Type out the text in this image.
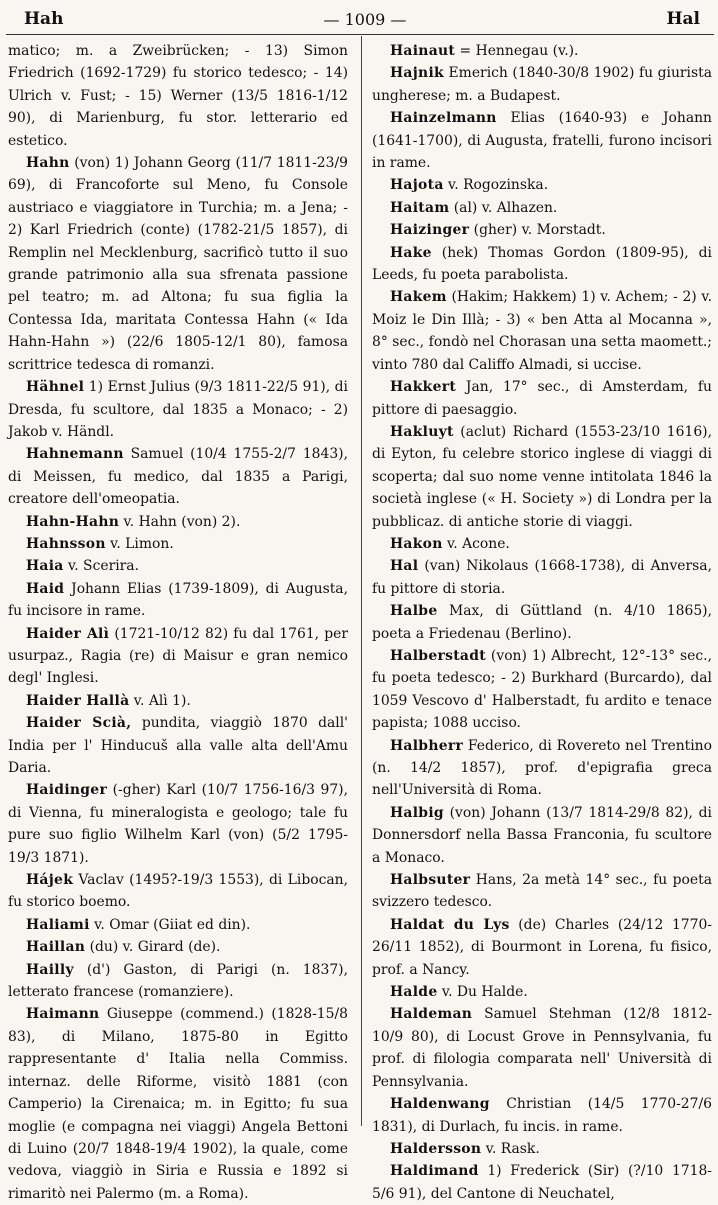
Hah	— 1009 —	Hal

matico; m. a Zweibrücken; - 13) Simon Friedrich (1692-1729) fu storico tedesco; - 14) Ulrich v. Fust; - 15) Werner (13/5 1816-1/12 90), di Marienburg, fu stor. letterario ed estetico.

Hahn (von) 1) Johann Georg (11/7 1811-23/9 69), di Francoforte sul Meno, fu Console austriaco e viaggiatore in Turchia; m. a Jena; - 2) Karl Friedrich (conte) (1782-21/5 1857), di Remplin nel Mecklenburg, sacrificò tutto il suo grande patrimonio alla sua sfrenata passione pel teatro; m. ad Altona; fu sua figlia la Contessa Ida, maritata Contessa Hahn (« Ida Hahn-Hahn ») (22/6 1805-12/1 80), famosa scrittrice tedesca di romanzi.

Hähnel 1) Ernst Julius (9/3 1811-22/5 91), di Dresda, fu scultore, dal 1835 a Monaco; - 2) Jakob v. Händl.

Hahnemann Samuel (10/4 1755-2/7 1843), di Meissen, fu medico, dal 1835 a Parigi, creatore dell'omeopatia.

Hahn-Hahn v. Hahn (von) 2).

Hahnsson v. Limon.

Haia v. Scerira.

Haid Johann Elias (1739-1809), di Augusta, fu incisore in rame.

Haider Alì (1721-10/12 82) fu dal 1761, per usurpaz., Ragia (re) di Maisur e gran nemico degl' Inglesi.

Haider Hallà v. Alì 1).

Haider Scià, pundita, viaggiò 1870 dall' India per l' Hinducuš alla valle alta dell'Amu Daria.

Haidinger (-gher) Karl (10/7 1756-16/3 97), di Vienna, fu mineralogista e geologo; tale fu pure suo figlio Wilhelm Karl (von) (5/2 1795-19/3 1871).

Hájek Vaclav (1495?-19/3 1553), di Libocan, fu storico boemo.

Haliami v. Omar (Giiat ed din).

Haillan (du) v. Girard (de).

Hailly (d') Gaston, di Parigi (n. 1837), letterato francese (romanziere).

Haimann Giuseppe (commend.) (1828-15/8 83), di Milano, 1875-80 in Egitto rappresentante d' Italia nella Commiss. internaz. delle Riforme, visitò 1881 (con Camperio) la Cirenaica; m. in Egitto; fu sua moglie (e compagna nei viaggi) Angela Bettoni di Luino (20/7 1848-19/4 1902), la quale, come vedova, viaggiò in Siria e Russia e 1892 si rimaritò nei Palermo (m. a Roma).

Hainaut = Hennegau (v.).

Hajnik Emerich (1840-30/8 1902) fu giurista ungherese; m. a Budapest.

Hainzelmann Elias (1640-93) e Johann (1641-1700), di Augusta, fratelli, furono incisori in rame.

Hajota v. Rogozinska.

Haitam (al) v. Alhazen.

Haizinger (gher) v. Morstadt.

Hake (hek) Thomas Gordon (1809-95), di Leeds, fu poeta parabolista.

Hakem (Hakim; Hakkem) 1) v. Achem; - 2) v. Moiz le Din Illà; - 3) « ben Atta al Mocanna », 8° sec., fondò nel Chorasan una setta maomett.; vinto 780 dal Califfo Almadi, si uccise.

Hakkert Jan, 17° sec., di Amsterdam, fu pittore di paesaggio.

Hakluyt (aclut) Richard (1553-23/10 1616), di Eyton, fu celebre storico inglese di viaggi di scoperta; dal suo nome venne intitolata 1846 la società inglese (« H. Society ») di Londra per la pubblicaz. di antiche storie di viaggi.

Hakon v. Acone.

Hal (van) Nikolaus (1668-1738), di Anversa, fu pittore di storia.

Halbe Max, di Güttland (n. 4/10 1865), poeta a Friedenau (Berlino).

Halberstadt (von) 1) Albrecht, 12°-13° sec., fu poeta tedesco; - 2) Burkhard (Burcardo), dal 1059 Vescovo d' Halberstadt, fu ardito e tenace papista; 1088 ucciso.

Halbherr Federico, di Rovereto nel Trentino (n. 14/2 1857), prof. d'epigrafia greca nell'Università di Roma.

Halbig (von) Johann (13/7 1814-29/8 82), di Donnersdorf nella Bassa Franconia, fu scultore a Monaco.

Halbsuter Hans, 2a metà 14° sec., fu poeta svizzero tedesco.

Haldat du Lys (de) Charles (24/12 1770-26/11 1852), di Bourmont in Lorena, fu fisico, prof. a Nancy.

Halde v. Du Halde.

Haldeman Samuel Stehman (12/8 1812-10/9 80), di Locust Grove in Pennsylvania, fu prof. di filologia comparata nell' Università di Pennsylvania.

Haldenwang Christian (14/5 1770-27/6 1831), di Durlach, fu incis. in rame.

Haldersson v. Rask.

Haldimand 1) Frederick (Sir) (?/10 1718-5/6 91), del Cantone di Neuchatel,
